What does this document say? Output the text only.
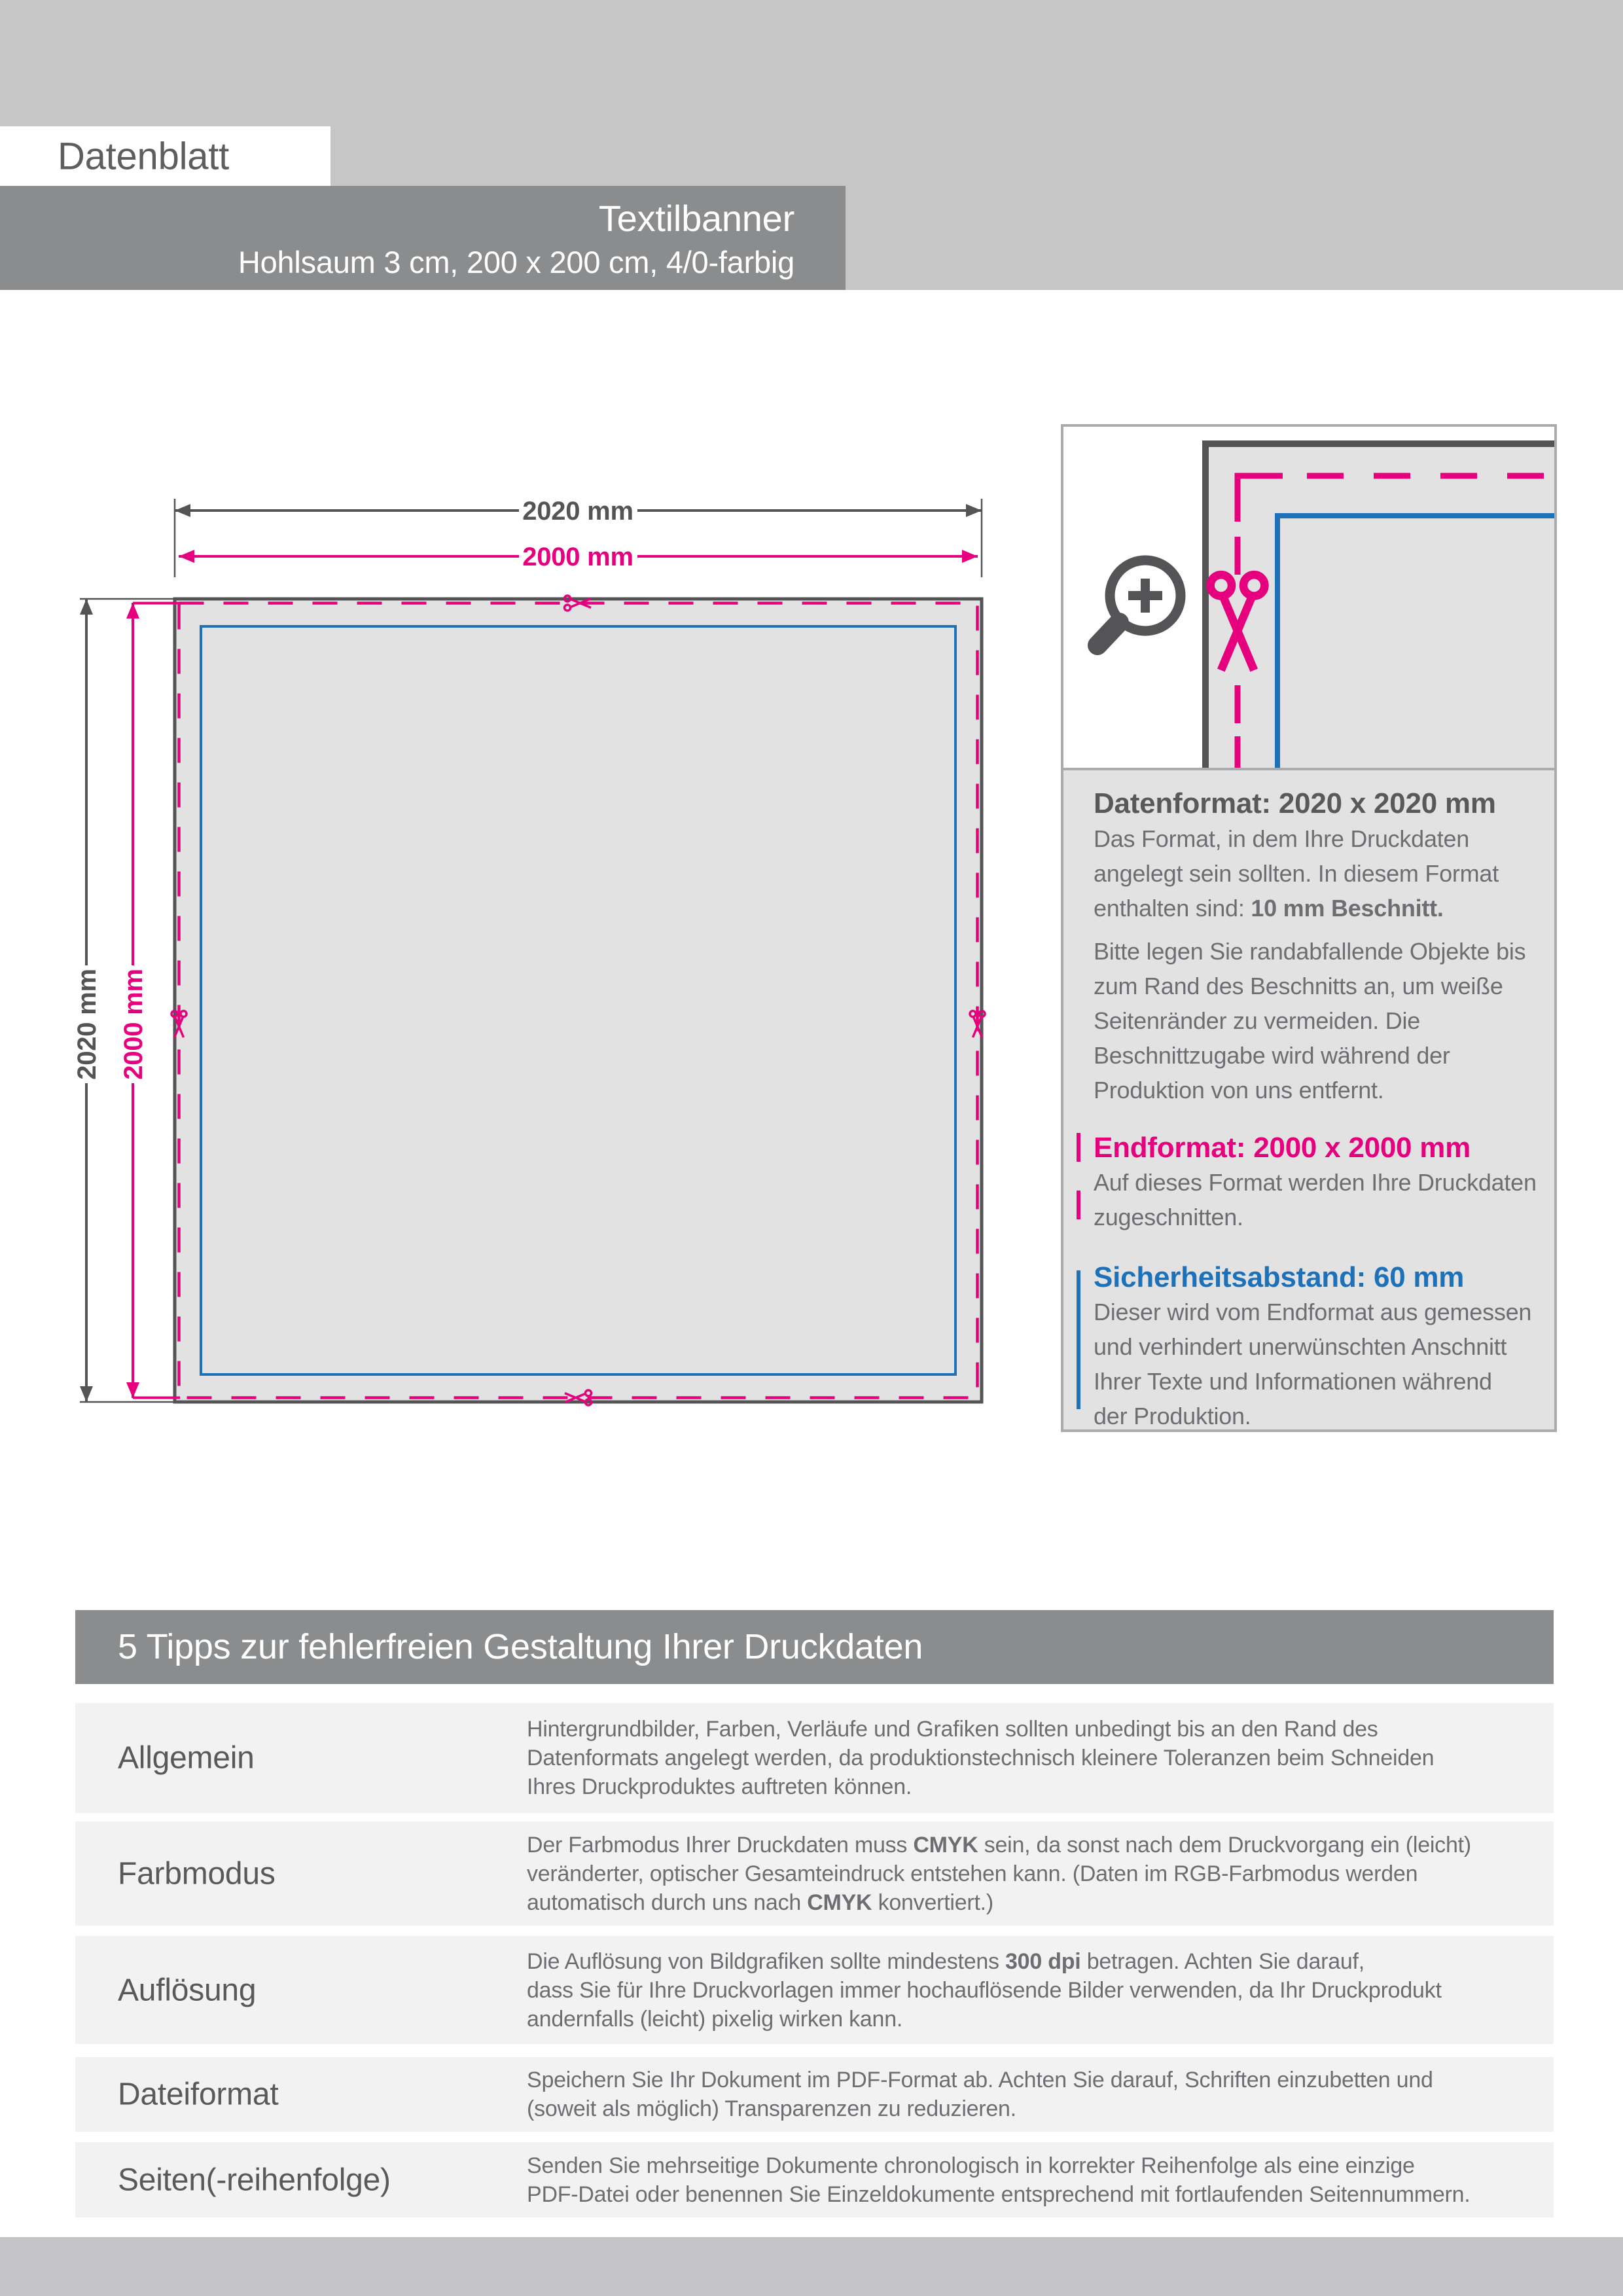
Datenblatt
Textilbanner
Hohlsaum 3 cm, 200 x 200 cm, 4/0-farbig
2020 mm
2000 mm
2020 mm 2000 mm
Datenformat: 2020 x 2020 mm
Das Format, in dem Ihre Druckdaten
angelegt sein sollten. In diesem Format
enthalten sind: 10 mm Beschnitt.
Bitte legen Sie randabfallende Objekte bis
zum Rand des Beschnitts an, um weiße
Seitenränder zu vermeiden. Die
Beschnittzugabe wird während der
Produktion von uns entfernt.
Endformat: 2000 x 2000 mm
Auf dieses Format werden Ihre Druckdaten
zugeschnitten.
Sicherheitsabstand: 60 mm
Dieser wird vom Endformat aus gemessen
und verhindert unerwünschten Anschnitt
Ihrer Texte und Informationen während
der Produktion.
5 Tipps zur fehlerfreien Gestaltung Ihrer Druckdaten
Allgemein
Hintergrundbilder, Farben, Verläufe und Grafiken sollten unbedingt bis an den Rand des
Datenformats angelegt werden, da produktionstechnisch kleinere Toleranzen beim Schneiden
Ihres Druckproduktes auftreten können.
Farbmodus
Der Farbmodus Ihrer Druckdaten muss CMYK sein, da sonst nach dem Druckvorgang ein (leicht)
veränderter, optischer Gesamteindruck entstehen kann. (Daten im RGB-Farbmodus werden
automatisch durch uns nach CMYK konvertiert.)
Auflösung
Die Auflösung von Bildgrafiken sollte mindestens 300 dpi betragen. Achten Sie darauf,
dass Sie für Ihre Druckvorlagen immer hochauflösende Bilder verwenden, da Ihr Druckprodukt
andernfalls (leicht) pixelig wirken kann.
Dateiformat	Speichern Sie Ihr Dokument im PDF-Format ab. Achten Sie darauf, Schriften einzubetten und
(soweit als möglich) Transparenzen zu reduzieren.
Seiten(-reihenfolge)	Senden Sie mehrseitige Dokumente chronologisch in korrekter Reihenfolge als eine einzige
PDF-Datei oder benennen Sie Einzeldokumente entsprechend mit fortlaufenden Seitennummern.
